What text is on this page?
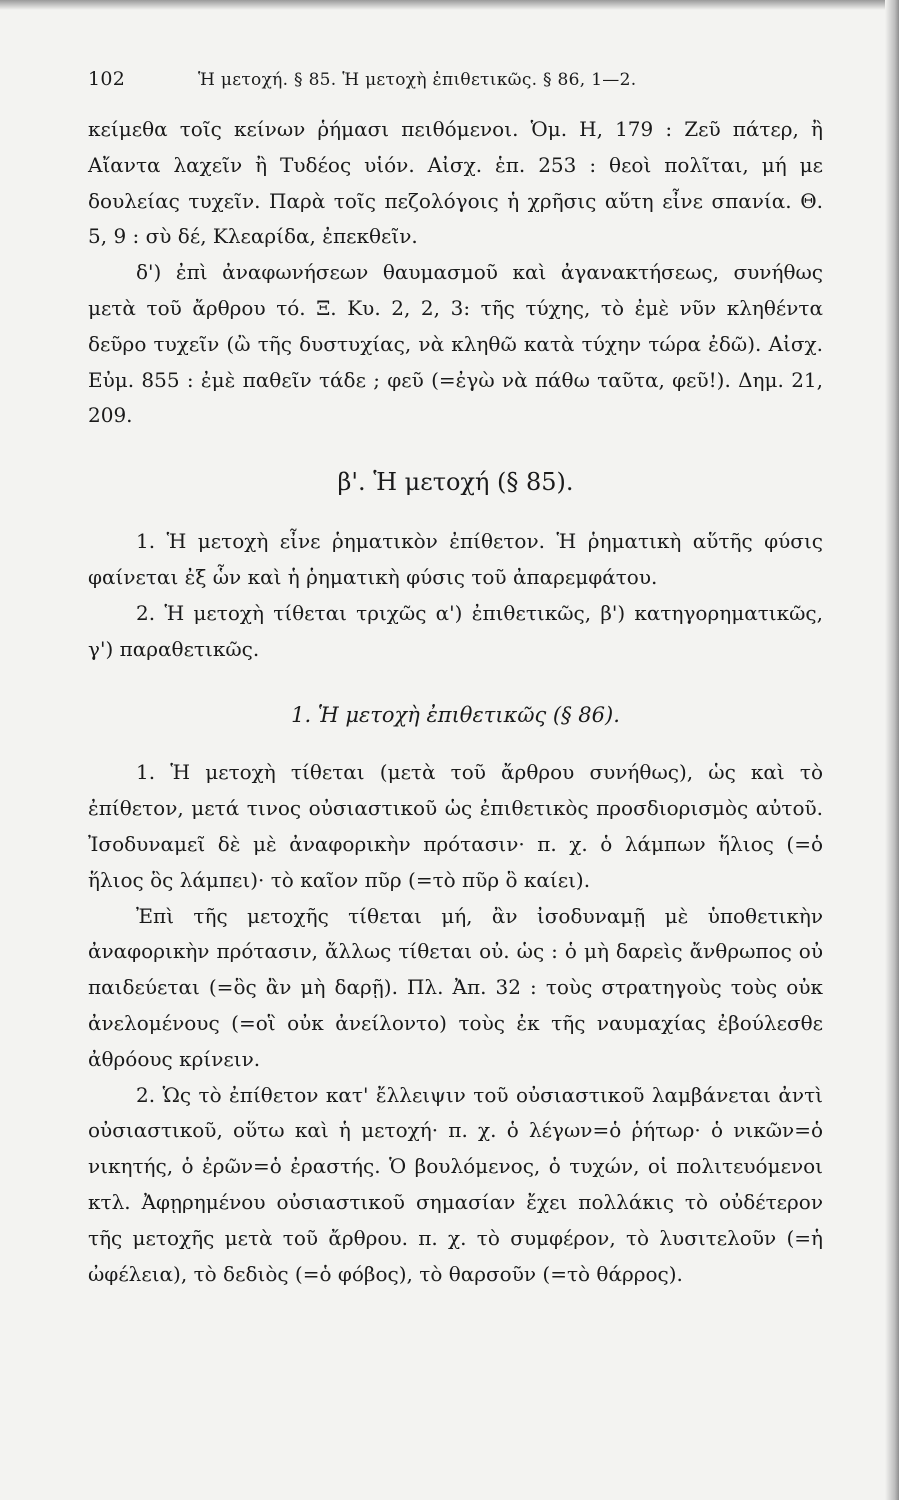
102	Ἡ μετοχή. § 85. Ἡ μετοχὴ ἐπιθετικῶς. § 86, 1—2.

κείμεθα τοῖς κείνων ῥήμασι πειθόμενοι. Ὁμ. Η, 179 : Ζεῦ πάτερ, ἢ Αἴαντα λαχεῖν ἢ Τυδέος υἱόν. Αἰσχ. ἑπ. 253 : θεοὶ πολῖται, μή με δουλείας τυχεῖν. Παρὰ τοῖς πεζολόγοις ἡ χρῆσις αὕτη εἶνε σπανία. Θ. 5, 9 : σὺ δέ, Κλεαρίδα, ἐπεκθεῖν.

δ') ἐπὶ ἀναφωνήσεων θαυμασμοῦ καὶ ἀγανακτήσεως, συνήθως μετὰ τοῦ ἄρθρου τό. Ξ. Κυ. 2, 2, 3: τῆς τύχης, τὸ ἐμὲ νῦν κληθέντα δεῦρο τυχεῖν (ὢ τῆς δυστυχίας, νὰ κληθῶ κατὰ τύχην τώρα ἐδῶ). Αἰσχ. Εὐμ. 855 : ἐμὲ παθεῖν τάδε ; φεῦ (=ἐγὼ νὰ πάθω ταῦτα, φεῦ!). Δημ. 21, 209.

β'. Ἡ μετοχή (§ 85).

1. Ἡ μετοχὴ εἶνε ῥηματικὸν ἐπίθετον. Ἡ ῥηματικὴ αὕτῆς φύσις φαίνεται ἐξ ὧν καὶ ἡ ῥηματικὴ φύσις τοῦ ἀπαρεμφάτου.

2. Ἡ μετοχὴ τίθεται τριχῶς α') ἐπιθετικῶς, β') κατηγορηματικῶς, γ') παραθετικῶς.

1. Ἡ μετοχὴ ἐπιθετικῶς (§ 86).

1. Ἡ μετοχὴ τίθεται (μετὰ τοῦ ἄρθρου συνήθως), ὡς καὶ τὸ ἐπίθετον, μετά τινος οὐσιαστικοῦ ὡς ἐπιθετικὸς προσδιορισμὸς αὐτοῦ. Ἰσοδυναμεῖ δὲ μὲ ἀναφορικὴν πρότασιν· π. χ. ὁ λάμπων ἥλιος (=ὁ ἥλιος ὃς λάμπει)· τὸ καῖον πῦρ (=τὸ πῦρ ὃ καίει).

Ἐπὶ τῆς μετοχῆς τίθεται μή, ἂν ἰσοδυναμῇ μὲ ὑποθετικὴν ἀναφορικὴν πρότασιν, ἄλλως τίθεται οὐ. ὡς : ὁ μὴ δαρεὶς ἄνθρωπος οὐ παιδεύεται (=ὃς ἂν μὴ δαρῇ). Πλ. Ἀπ. 32 : τοὺς στρατηγοὺς τοὺς οὐκ ἀνελομένους (=οἳ οὐκ ἀνείλοντο) τοὺς ἐκ τῆς ναυμαχίας ἐβούλεσθε ἀθρόους κρίνειν.

2. Ὡς τὸ ἐπίθετον κατ' ἔλλειψιν τοῦ οὐσιαστικοῦ λαμβάνεται ἀντὶ οὐσιαστικοῦ, οὕτω καὶ ἡ μετοχή· π. χ. ὁ λέγων=ὁ ῥήτωρ· ὁ νικῶν=ὁ νικητής, ὁ ἐρῶν=ὁ ἐραστής. Ὁ βουλόμενος, ὁ τυχών, οἱ πολιτευόμενοι κτλ. Ἀφῃρημένου οὐσιαστικοῦ σημασίαν ἔχει πολλάκις τὸ οὐδέτερον τῆς μετοχῆς μετὰ τοῦ ἄρθρου. π. χ. τὸ συμφέρον, τὸ λυσιτελοῦν (=ἡ ὠφέλεια), τὸ δεδιὸς (=ὁ φόβος), τὸ θαρσοῦν (=τὸ θάρρος).
